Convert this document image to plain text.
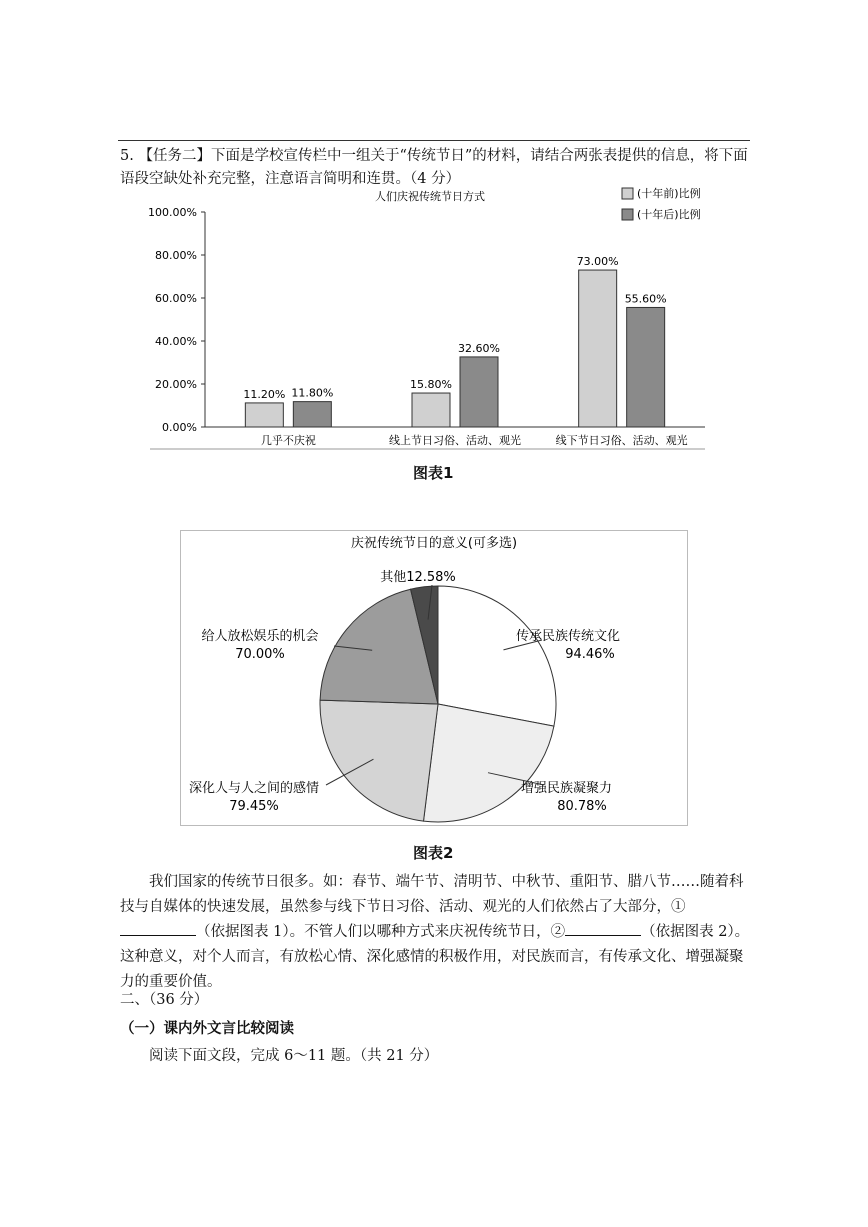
5. 【任务二】下面是学校宣传栏中一组关于“传统节日”的材料，请结合两张表提供的信息，将下面语段空缺处补充完整，注意语言简明和连贯。（4 分）
人们庆祝传统节日方式
0.00%
20.00%
40.00%
60.00%
80.00%
100.00%
几乎不庆祝
11.20% 11.80%
线上节日习俗、活动、观光
15.80%
32.60%
线下节日习俗、活动、观光
73.00%
55.60%
(十年前)比例
(十年后)比例
图表1
庆祝传统节日的意义(可多选)
传承民族传统文化
94.46%
增强民族凝聚力
80.78%
深化人与人之间的感情
79.45%
给人放松娱乐的机会
70.00%
其他12.58%
图表2
我们国家的传统节日很多。如：春节、端午节、清明节、中秋节、重阳节、腊八节……随着科技与自媒体的快速发展，虽然参与线下节日习俗、活动、观光的人们依然占了大部分，①（依据图表 1）。不管人们以哪种方式来庆祝传统节日，②	（依据图表 2）。这种意义，对个人而言，有放松心情、深化感情的积极作用，对民族而言，有传承文化、增强凝聚力的重要价值。
二、（36 分）
（一）课内外文言比较阅读
阅读下面文段，完成 6～11 题。（共 21 分）
